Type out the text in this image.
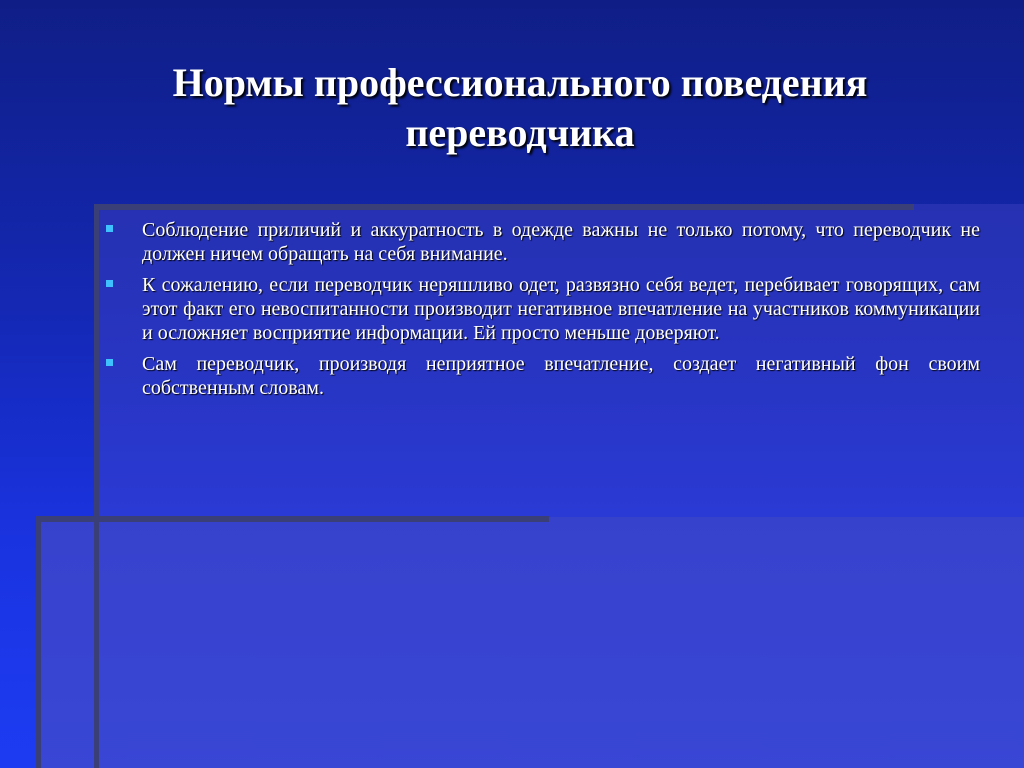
Нормы профессионального поведения
переводчика
Соблюдение приличий и аккуратность в одежде важны не только потому, что переводчик не должен ничем обращать на себя внимание.
К сожалению, если переводчик неряшливо одет, развязно себя ведет, перебивает говорящих, сам этот факт его невоспитанности производит негативное впечатление на участников коммуникации и осложняет восприятие информации. Ей просто меньше доверяют.
Сам переводчик, производя неприятное впечатление, создает негативный фон своим собственным словам.
